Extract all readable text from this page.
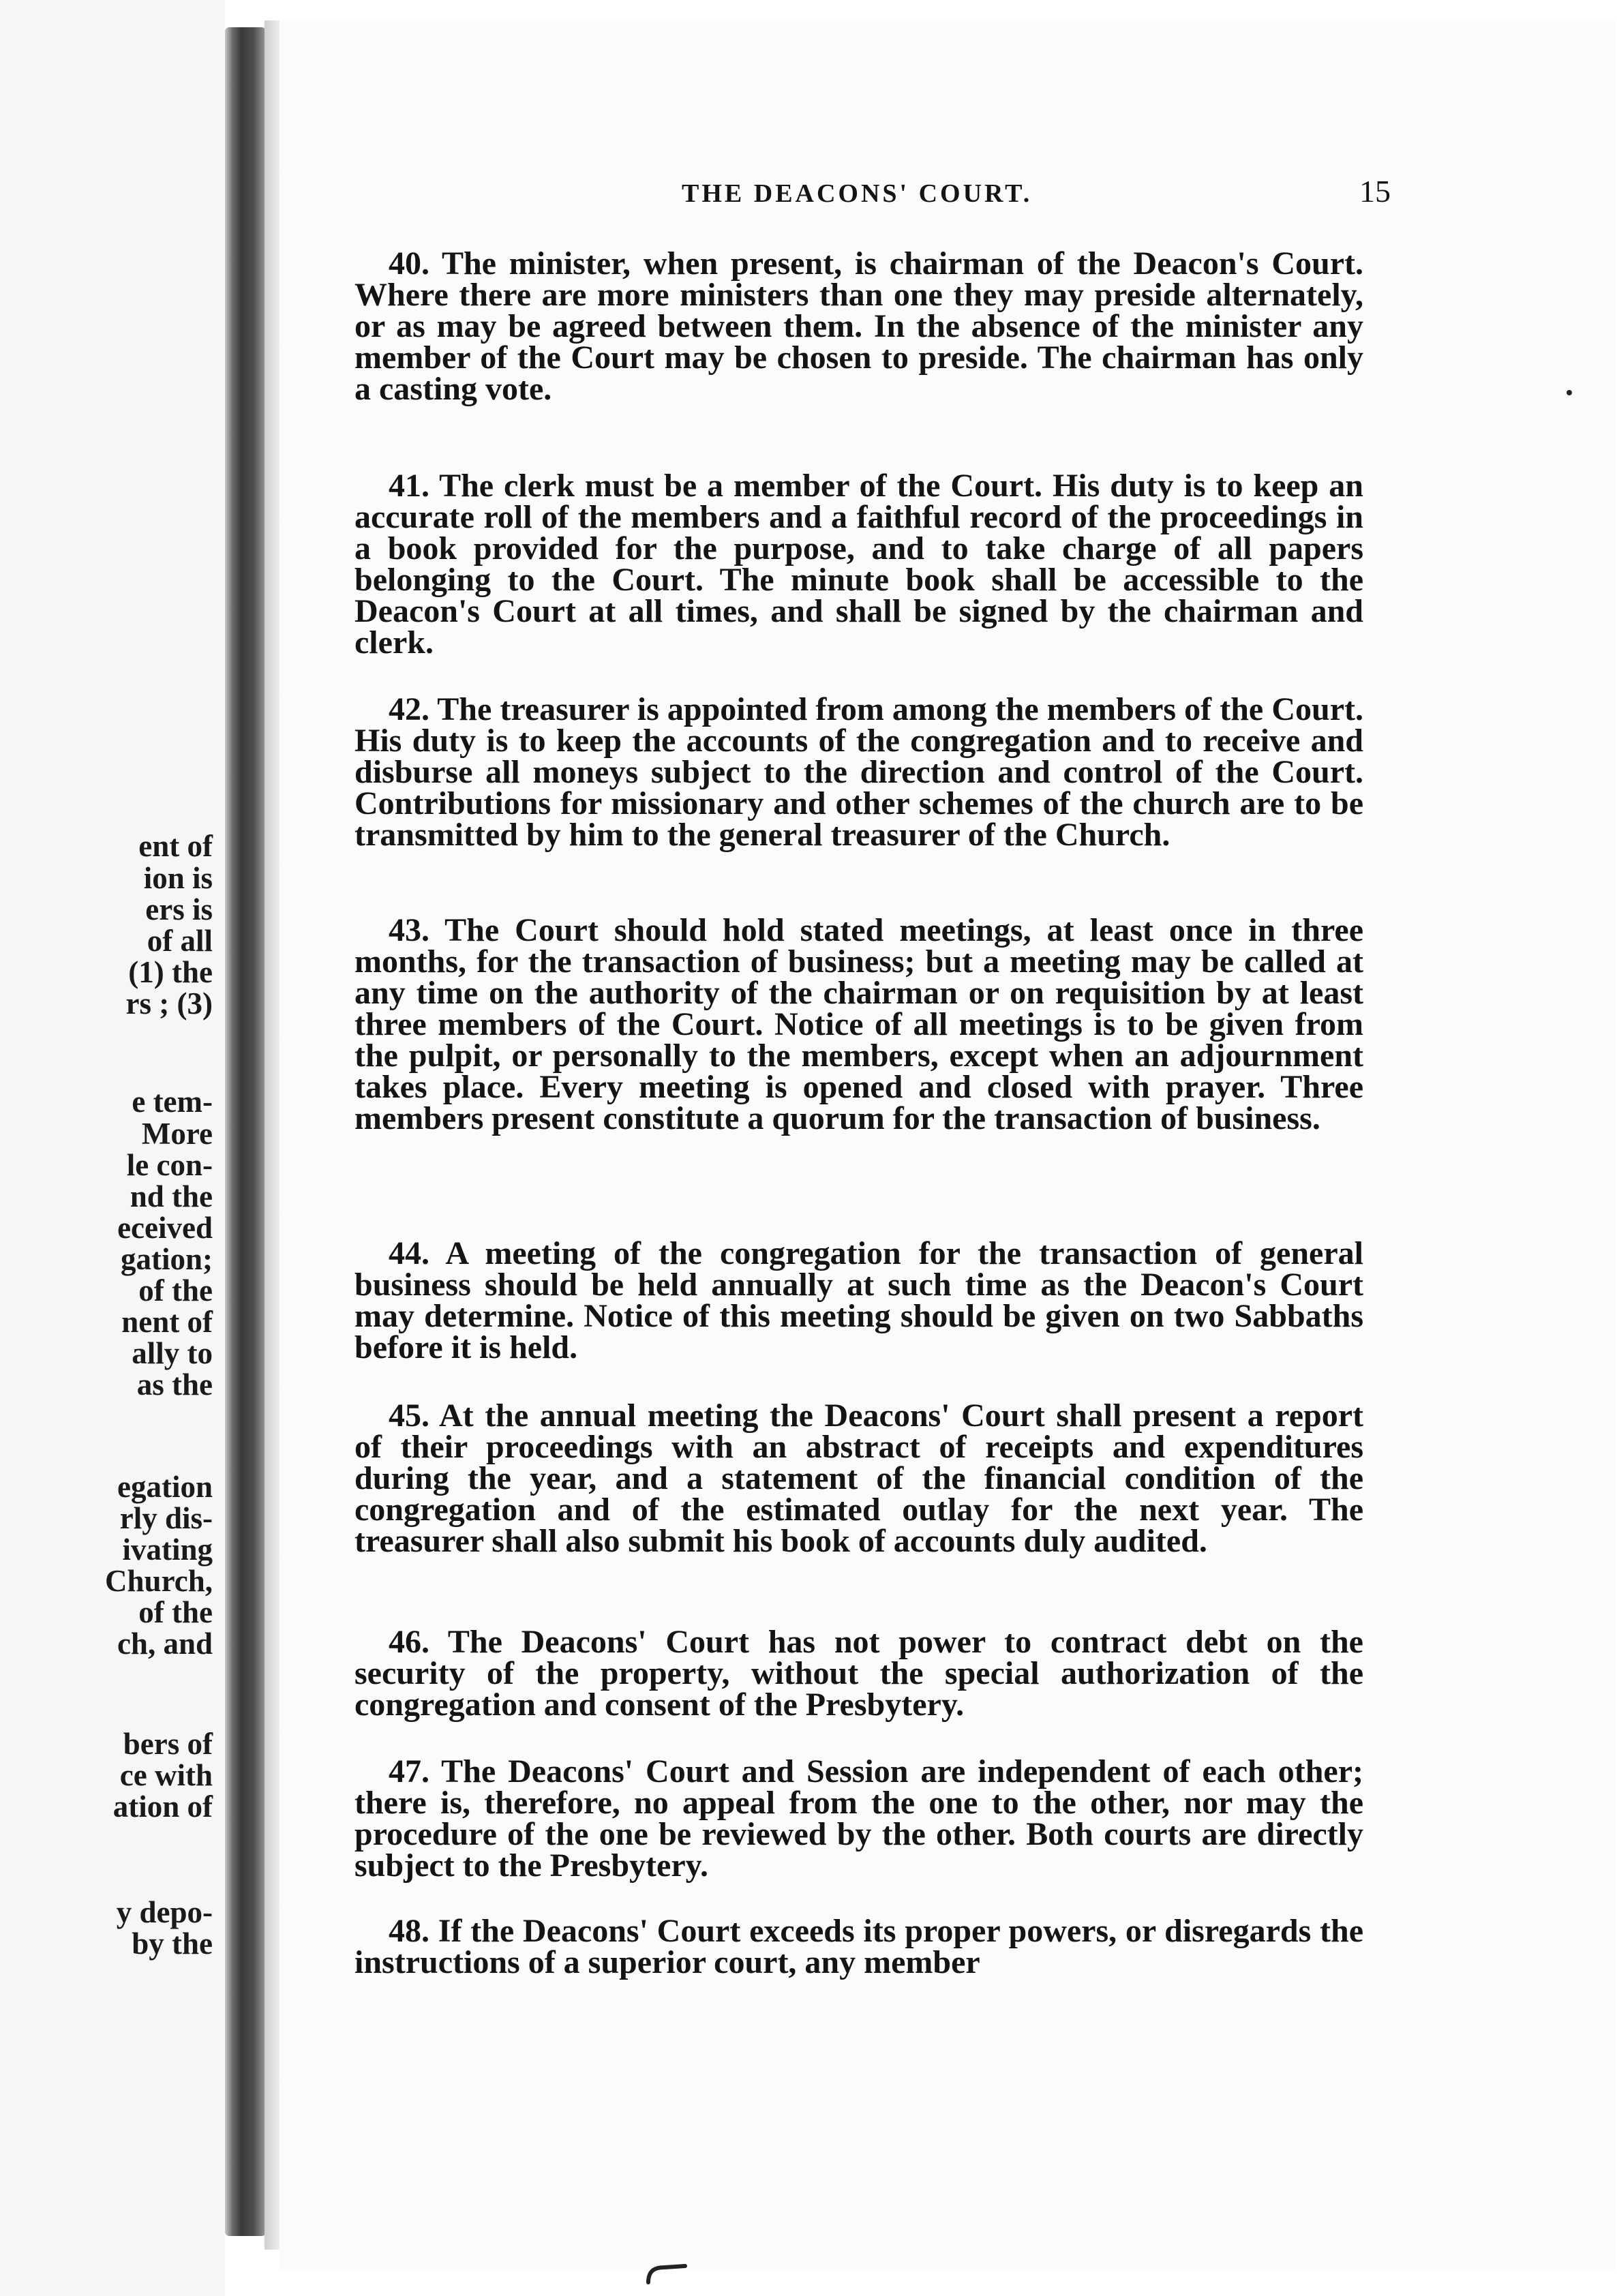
ent of
ion is
ers is
of all
(1) the
rs ; (3)
e tem-
More
le con-
nd the
eceived
gation;
of the
nent of
ally to
as the
egation
rly dis-
ivating
Church,
of the
ch, and
bers of
ce with
ation of
y depo-
by the
THE DEACONS' COURT.	15
40. The minister, when present, is chairman of the Deacon's Court. Where there are more ministers than one they may preside alternately, or as may be agreed between them. In the absence of the minister any member of the Court may be chosen to preside. The chairman has only a casting vote.
41. The clerk must be a member of the Court. His duty is to keep an accurate roll of the members and a faithful record of the proceedings in a book provided for the purpose, and to take charge of all papers belonging to the Court. The minute book shall be accessible to the Deacon's Court at all times, and shall be signed by the chairman and clerk.
42. The treasurer is appointed from among the members of the Court. His duty is to keep the accounts of the congregation and to receive and disburse all moneys subject to the direction and control of the Court. Contributions for missionary and other schemes of the church are to be transmitted by him to the general treasurer of the Church.
43. The Court should hold stated meetings, at least once in three months, for the transaction of business; but a meeting may be called at any time on the authority of the chairman or on requisition by at least three members of the Court. Notice of all meetings is to be given from the pulpit, or personally to the members, except when an adjournment takes place. Every meeting is opened and closed with prayer. Three members present constitute a quorum for the transaction of business.
44. A meeting of the congregation for the transaction of general business should be held annually at such time as the Deacon's Court may determine. Notice of this meeting should be given on two Sabbaths before it is held.
45. At the annual meeting the Deacons' Court shall present a report of their proceedings with an abstract of receipts and expenditures during the year, and a statement of the financial condition of the congregation and of the estimated outlay for the next year. The treasurer shall also submit his book of accounts duly audited.
46. The Deacons' Court has not power to contract debt on the security of the property, without the special authorization of the congregation and consent of the Presbytery.
47. The Deacons' Court and Session are independent of each other; there is, therefore, no appeal from the one to the other, nor may the procedure of the one be reviewed by the other. Both courts are directly subject to the Presbytery.
48. If the Deacons' Court exceeds its proper powers, or disregards the instructions of a superior court, any member
